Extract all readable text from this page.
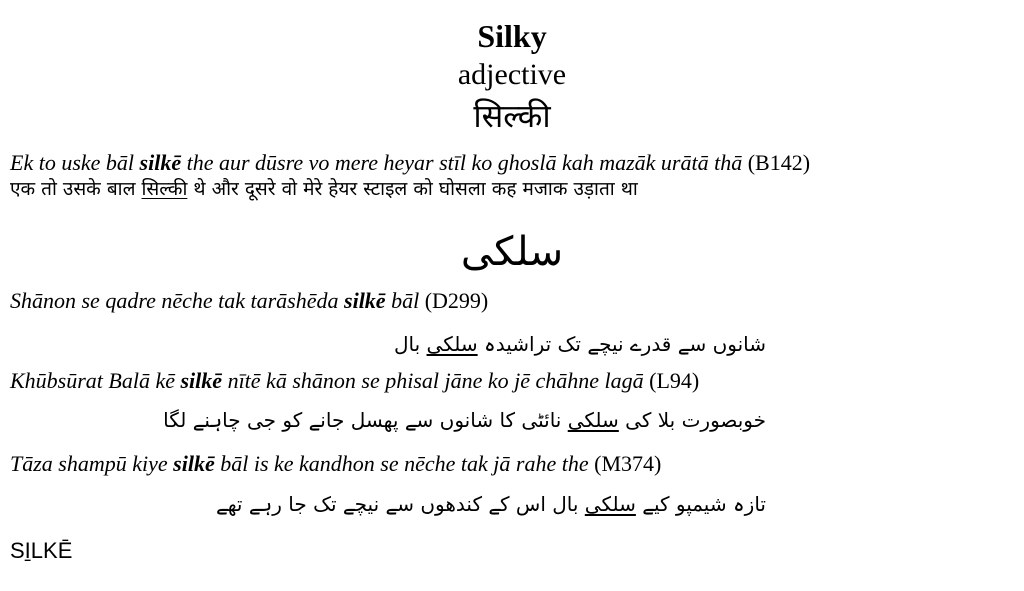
Silky
adjective
सिल्की
Ek to uske bāl silkē the aur dūsre vo mere heyar stīl ko ghoslā kah mazāk urātā thā (B142)
एक तो उसके बाल सिल्की थे और दूसरे वो मेरे हेयर स्टाइल को घोसला कह मजाक उड़ाता था
سلکی
Shānon se qadre nēche tak tarāshēda silkē bāl (D299)
شانوں سے قدرے نیچے تک تراشیدہ سلکی بال
Khūbsūrat Balā kē silkē nītē kā shānon se phisal jāne ko jē chāhne lagā (L94)
خوبصورت بلا کی سلکی نائٹی کا شانوں سے پھسل جانے کو جی چاہنے لگا
Tāza shampū kiye silkē bāl is ke kandhon se nēche tak jā rahe the (M374)
تازہ شیمپو کیے سلکی بال اس کے کندھوں سے نیچے تک جا رہے تھے
SI̱LKĒ
